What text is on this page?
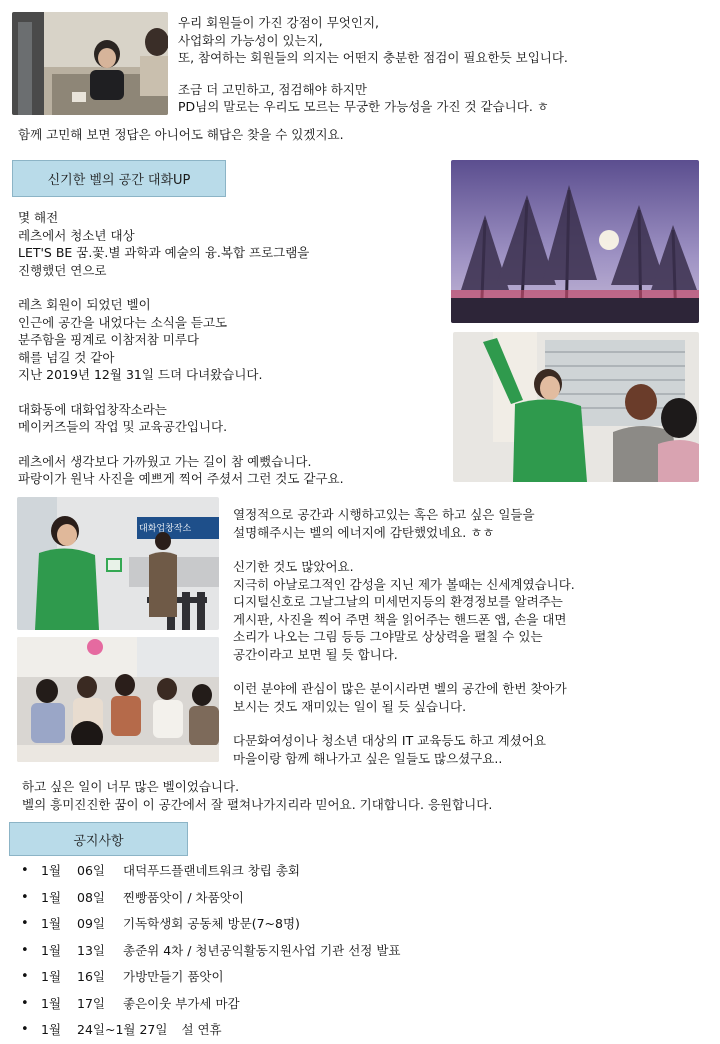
우리 회원들이 가진 강점이 무엇인지,
사업화의 가능성이 있는지,
또, 참여하는 회원들의 의지는 어떤지 충분한 점검이 필요한듯 보입니다.
조금 더 고민하고, 점검해야 하지만
PD님의 말로는 우리도 모르는 무궁한 가능성을 가진 것 같습니다. ㅎ
함께 고민해 보면 정답은 아니어도 해답은 찾을 수 있겠지요.
신기한 벨의 공간 대화UP
몇 해전
레츠에서 청소년 대상
LET'S BE 꿈.꽃.별 과학과 예술의 융.복합 프로그램을
진행했던 연으로
레츠 회원이 되었던 벨이
인근에 공간을 내었다는 소식을 듣고도
분주함을 핑계로 이참저참 미루다
해를 넘길 것 같아
지난 2019년 12월 31일 드뎌 다녀왔습니다.
대화동에 대화업창작소라는
메이커즈들의 작업 및 교육공간입니다.
레츠에서 생각보다 가까웠고 가는 길이 참 예뻤습니다.
파랑이가 원낙 사진을 예쁘게 찍어 주셨서 그런 것도 같구요.
대화업창작소
열정적으로 공간과 시행하고있는 혹은 하고 싶은 일들을
설명해주시는 벨의 에너지에 감탄했었네요. ㅎㅎ
신기한 것도 많았어요.
지극히 아날로그적인 감성을 지닌 제가 볼때는 신세계였습니다.
디지털신호로 그날그날의 미세먼지등의 환경정보를 알려주는
게시판, 사진을 찍어 주면 책을 읽어주는 핸드폰 앱, 손을 대면
소리가 나오는 그림 등등 그야말로 상상력을 펼칠 수 있는
공간이라고 보면 될 듯 합니다.
이런 분야에 관심이 많은 분이시라면 벨의 공간에 한번 찾아가
보시는 것도 재미있는 일이 될 듯 싶습니다.
다문화여성이나 청소년 대상의 IT 교육등도 하고 계셨어요
마을이랑 함께 해나가고 싶은 일들도 많으셨구요..
하고 싶은 일이 너무 많은 벨이었습니다.
벨의 흥미진진한 꿈이 이 공간에서 잘 펼쳐나가지리라 믿어요. 기대합니다. 응원합니다.
공지사항
• 1월 06일 대덕푸드플랜네트워크 창립 총회
• 1월 08일 찐빵품앗이 / 차품앗이
• 1월 09일 기독학생회 공동체 방문(7~8명)
• 1월 13일 총준위 4차 / 청년공익활동지원사업 기관 선정 발표
• 1월 16일 가방만들기 품앗이
• 1월 17일 좋은이웃 부가세 마감
• 1월 24일~1월 27일 설 연휴
